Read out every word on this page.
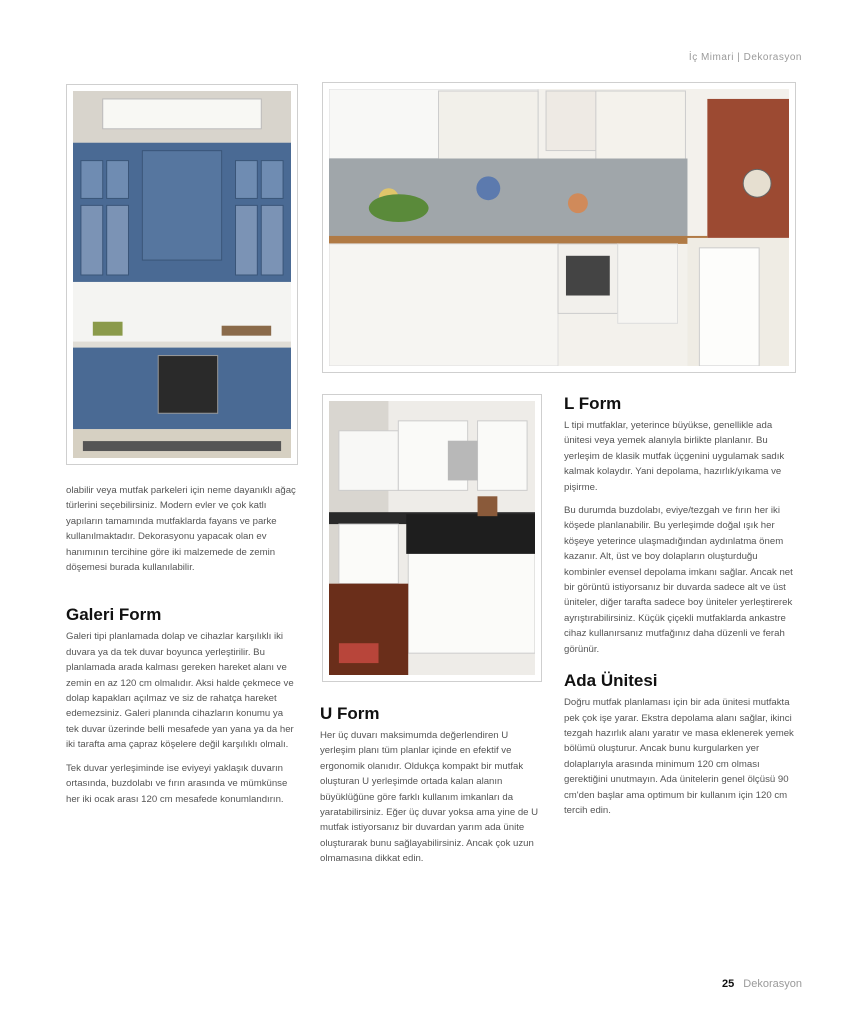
İç Mimari | Dekorasyon

olabilir veya mutfak parkeleri için neme dayanıklı ağaç türlerini seçebilirsiniz. Modern evler ve çok katlı yapıların tamamında mutfaklarda fayans ve parke kullanılmaktadır. Dekorasyonu yapacak olan ev hanımının tercihine göre iki malzemede de zemin döşemesi burada kullanılabilir.

Galeri Form

Galeri tipi planlamada dolap ve cihazlar karşılıklı iki duvara ya da tek duvar boyunca yerleştirilir. Bu planlamada arada kalması gereken hareket alanı ve zemin en az 120 cm olmalıdır. Aksi halde çekmece ve dolap kapakları açılmaz ve siz de rahatça hareket edemezsiniz. Galeri planında cihazların konumu ya tek duvar üzerinde belli mesafede yan yana ya da her iki tarafta ama çapraz köşelere değil karşılıklı olmalı.

Tek duvar yerleşiminde ise eviyeyi yaklaşık duvarın ortasında, buzdolabı ve fırın arasında ve mümkünse her iki ocak arası 120 cm mesafede konumlandırın.

U Form

Her üç duvarı maksimumda değerlendiren U yerleşim planı tüm planlar içinde en efektif ve ergonomik olanıdır. Oldukça kompakt bir mutfak oluşturan U yerleşimde ortada kalan alanın büyüklüğüne göre farklı kullanım imkanları da yaratabilirsiniz. Eğer üç duvar yoksa ama yine de U mutfak istiyorsanız bir duvardan yarım ada ünite oluşturarak bunu sağlayabilirsiniz. Ancak çok uzun olmamasına dikkat edin.

L Form

L tipi mutfaklar, yeterince büyükse, genellikle ada ünitesi veya yemek alanıyla birlikte planlanır. Bu yerleşim de klasik mutfak üçgenini uygulamak sadık kalmak kolaydır. Yani depolama, hazırlık/yıkama ve pişirme.

Bu durumda buzdolabı, eviye/tezgah ve fırın her iki köşede planlanabilir. Bu yerleşimde doğal ışık her köşeye yeterince ulaşmadığından aydınlatma önem kazanır. Alt, üst ve boy dolapların oluşturduğu kombinler evensel depolama imkanı sağlar. Ancak net bir görüntü istiyorsanız bir duvarda sadece alt ve üst üniteler, diğer tarafta sadece boy üniteler yerleştirerek ayrıştırabilirsiniz. Küçük çiçekli mutfaklarda ankastre cihaz kullanırsanız mutfağınız daha düzenli ve ferah görünür.

Ada Ünitesi

Doğru mutfak planlaması için bir ada ünitesi mutfakta pek çok işe yarar. Ekstra depolama alanı sağlar, ikinci tezgah hazırlık alanı yaratır ve masa eklenerek yemek bölümü oluşturur. Ancak bunu kurgularken yer dolaplarıyla arasında minimum 120 cm olması gerektiğini unutmayın. Ada ünitelerin genel ölçüsü 90 cm'den başlar ama optimum bir kullanım için 120 cm tercih edin.

25 Dekorasyon
